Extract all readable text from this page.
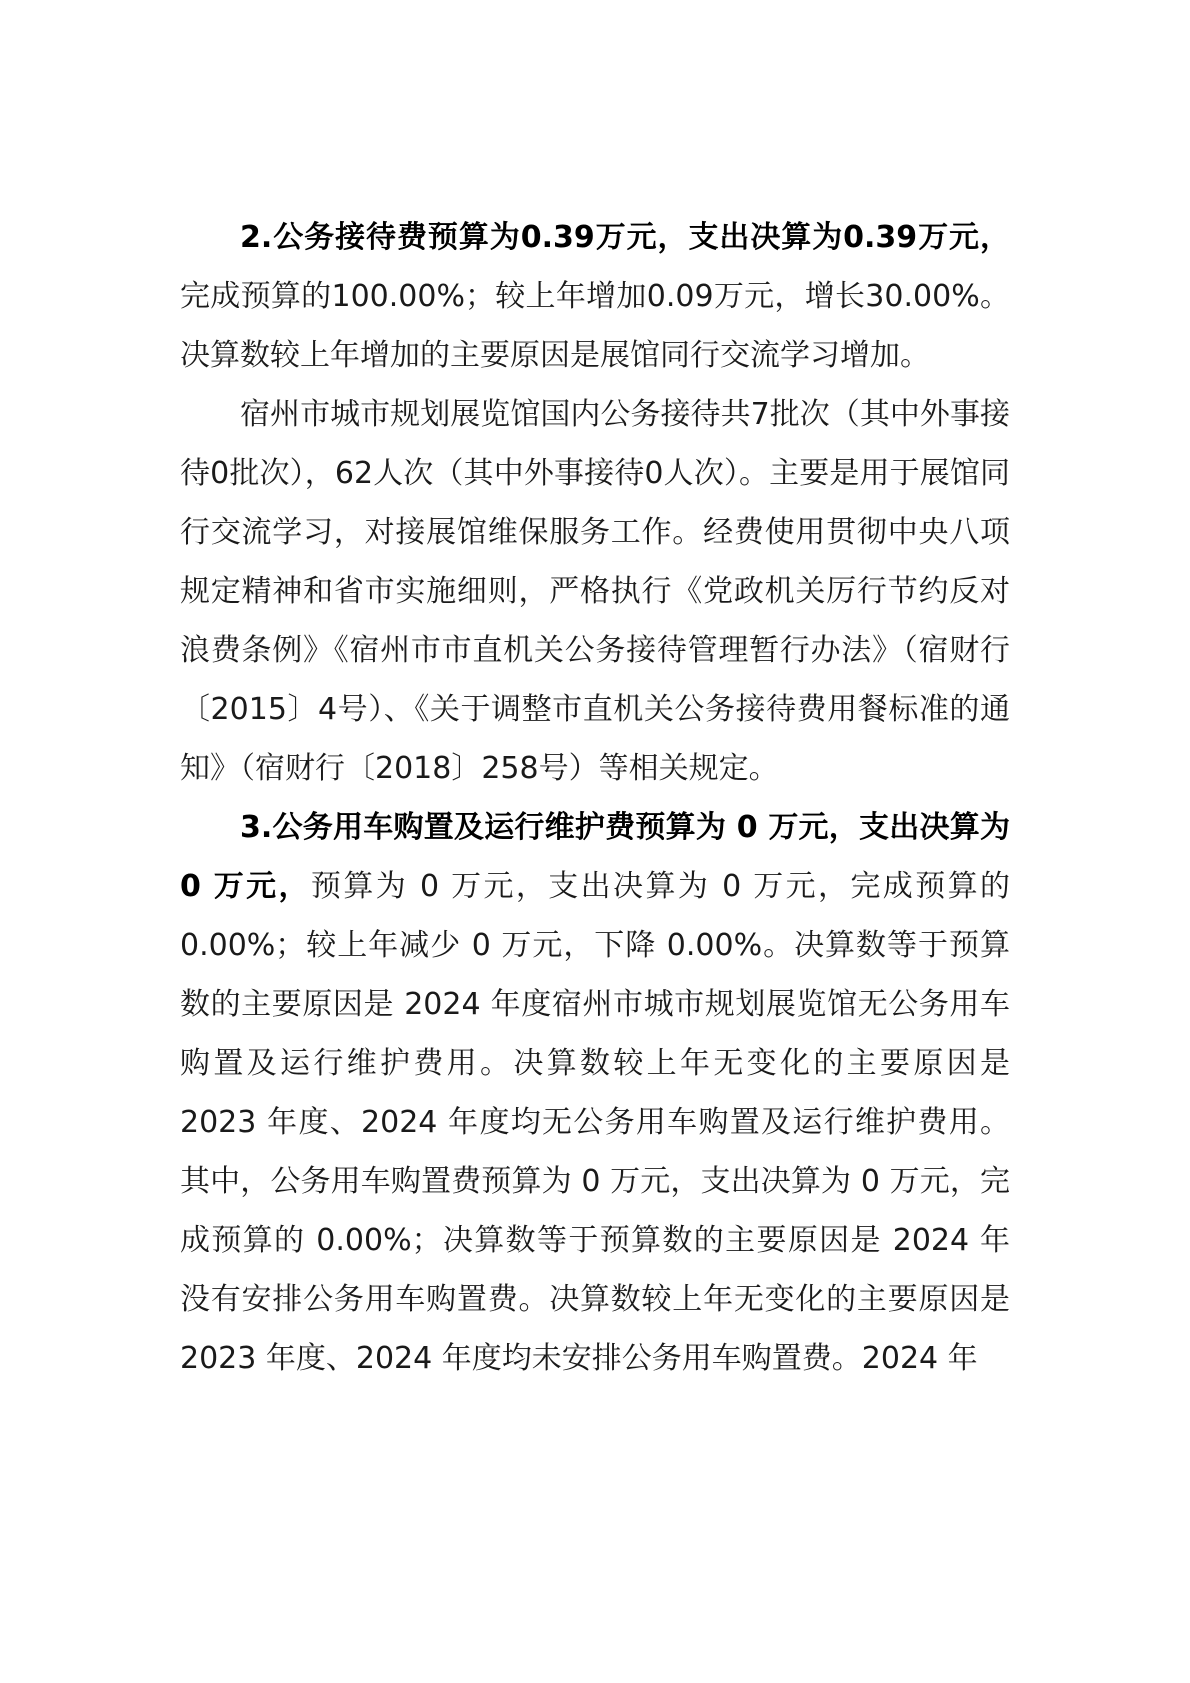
2.公务接待费预算为0.39万元，支出决算为0.39万元，完成预算的100.00%；较上年增加0.09万元，增长30.00%。决算数较上年增加的主要原因是展馆同行交流学习增加。

宿州市城市规划展览馆国内公务接待共7批次（其中外事接待0批次），62人次（其中外事接待0人次）。主要是用于展馆同行交流学习，对接展馆维保服务工作。经费使用贯彻中央八项规定精神和省市实施细则，严格执行《党政机关厉行节约反对浪费条例》《宿州市市直机关公务接待管理暂行办法》（宿财行〔2015〕4号）、《关于调整市直机关公务接待费用餐标准的通知》（宿财行〔2018〕258号）等相关规定。

3.公务用车购置及运行维护费预算为 0 万元，支出决算为 0 万元，预算为 0 万元，支出决算为 0 万元，完成预算的0.00%；较上年减少 0 万元，下降 0.00%。决算数等于预算数的主要原因是 2024 年度宿州市城市规划展览馆无公务用车购置及运行维护费用。决算数较上年无变化的主要原因是 2023 年度、2024 年度均无公务用车购置及运行维护费用。其中，公务用车购置费预算为 0 万元，支出决算为 0 万元，完成预算的 0.00%；决算数等于预算数的主要原因是 2024 年没有安排公务用车购置费。决算数较上年无变化的主要原因是 2023 年度、2024 年度均未安排公务用车购置费。2024 年
